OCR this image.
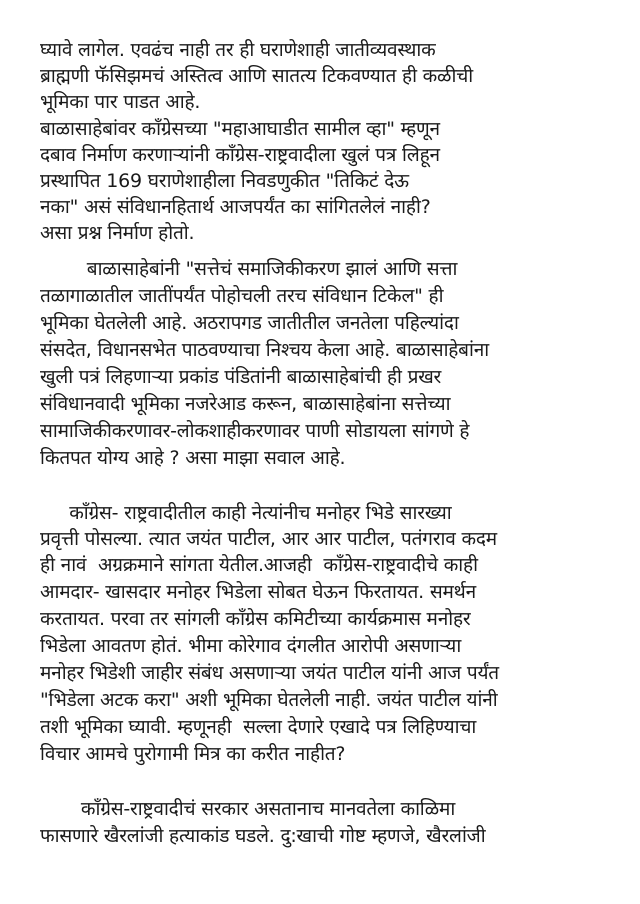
घ्यावे लागेल. एवढंच नाही तर ही घराणेशाही जातीव्यवस्थाक
ब्राह्मणी फॅसिझमचं अस्तित्व आणि सातत्य टिकवण्यात ही कळीची
भूमिका पार पाडत आहे.
बाळासाहेबांवर काँग्रेसच्या "महाआघाडीत सामील व्हा" म्हणून
दबाव निर्माण करणाऱ्यांनी काँग्रेस-राष्ट्रवादीला खुलं पत्र लिहून
प्रस्थापित 169 घराणेशाहीला निवडणुकीत "तिकिटं देऊ
नका" असं संविधानहितार्थ आजपर्यंत का सांगितलेलं नाही?
असा प्रश्न निर्माण होतो.
बाळासाहेबांनी "सत्तेचं समाजिकीकरण झालं आणि सत्ता
तळागाळातील जातींपर्यंत पोहोचली तरच संविधान टिकेल" ही
भूमिका घेतलेली आहे. अठरापगड जातीतील जनतेला पहिल्यांदा
संसदेत, विधानसभेत पाठवण्याचा निश्चय केला आहे. बाळासाहेबांना
खुली पत्रं लिहणाऱ्या प्रकांड पंडितांनी बाळासाहेबांची ही प्रखर
संविधानवादी भूमिका नजरेआड करून, बाळासाहेबांना सत्तेच्या
सामाजिकीकरणावर-लोकशाहीकरणावर पाणी सोडायला सांगणे हे
कितपत योग्य आहे ? असा माझा सवाल आहे.
काँग्रेस- राष्ट्रवादीतील काही नेत्यांनीच मनोहर भिडे सारख्या
प्रवृत्ती पोसल्या. त्यात जयंत पाटील, आर आर पाटील, पतंगराव कदम
ही नावं  अग्रक्रमाने सांगता येतील.आजही  काँग्रेस-राष्ट्रवादीचे काही
आमदार- खासदार मनोहर भिडेला सोबत घेऊन फिरतायत. समर्थन
करतायत. परवा तर सांगली काँग्रेस कमिटीच्या कार्यक्रमास मनोहर
भिडेला आवतण होतं. भीमा कोरेगाव दंगलीत आरोपी असणाऱ्या
मनोहर भिडेशी जाहीर संबंध असणाऱ्या जयंत पाटील यांनी आज पर्यंत
"भिडेला अटक करा" अशी भूमिका घेतलेली नाही. जयंत पाटील यांनी
तशी भूमिका घ्यावी. म्हणूनही  सल्ला देणारे एखादे पत्र लिहिण्याचा
विचार आमचे पुरोगामी मित्र का करीत नाहीत?
काँग्रेस-राष्ट्रवादीचं सरकार असतानाच मानवतेला काळिमा
फासणारे खैरलांजी हत्याकांड घडले. दु:खाची गोष्ट म्हणजे, खैरलांजी
